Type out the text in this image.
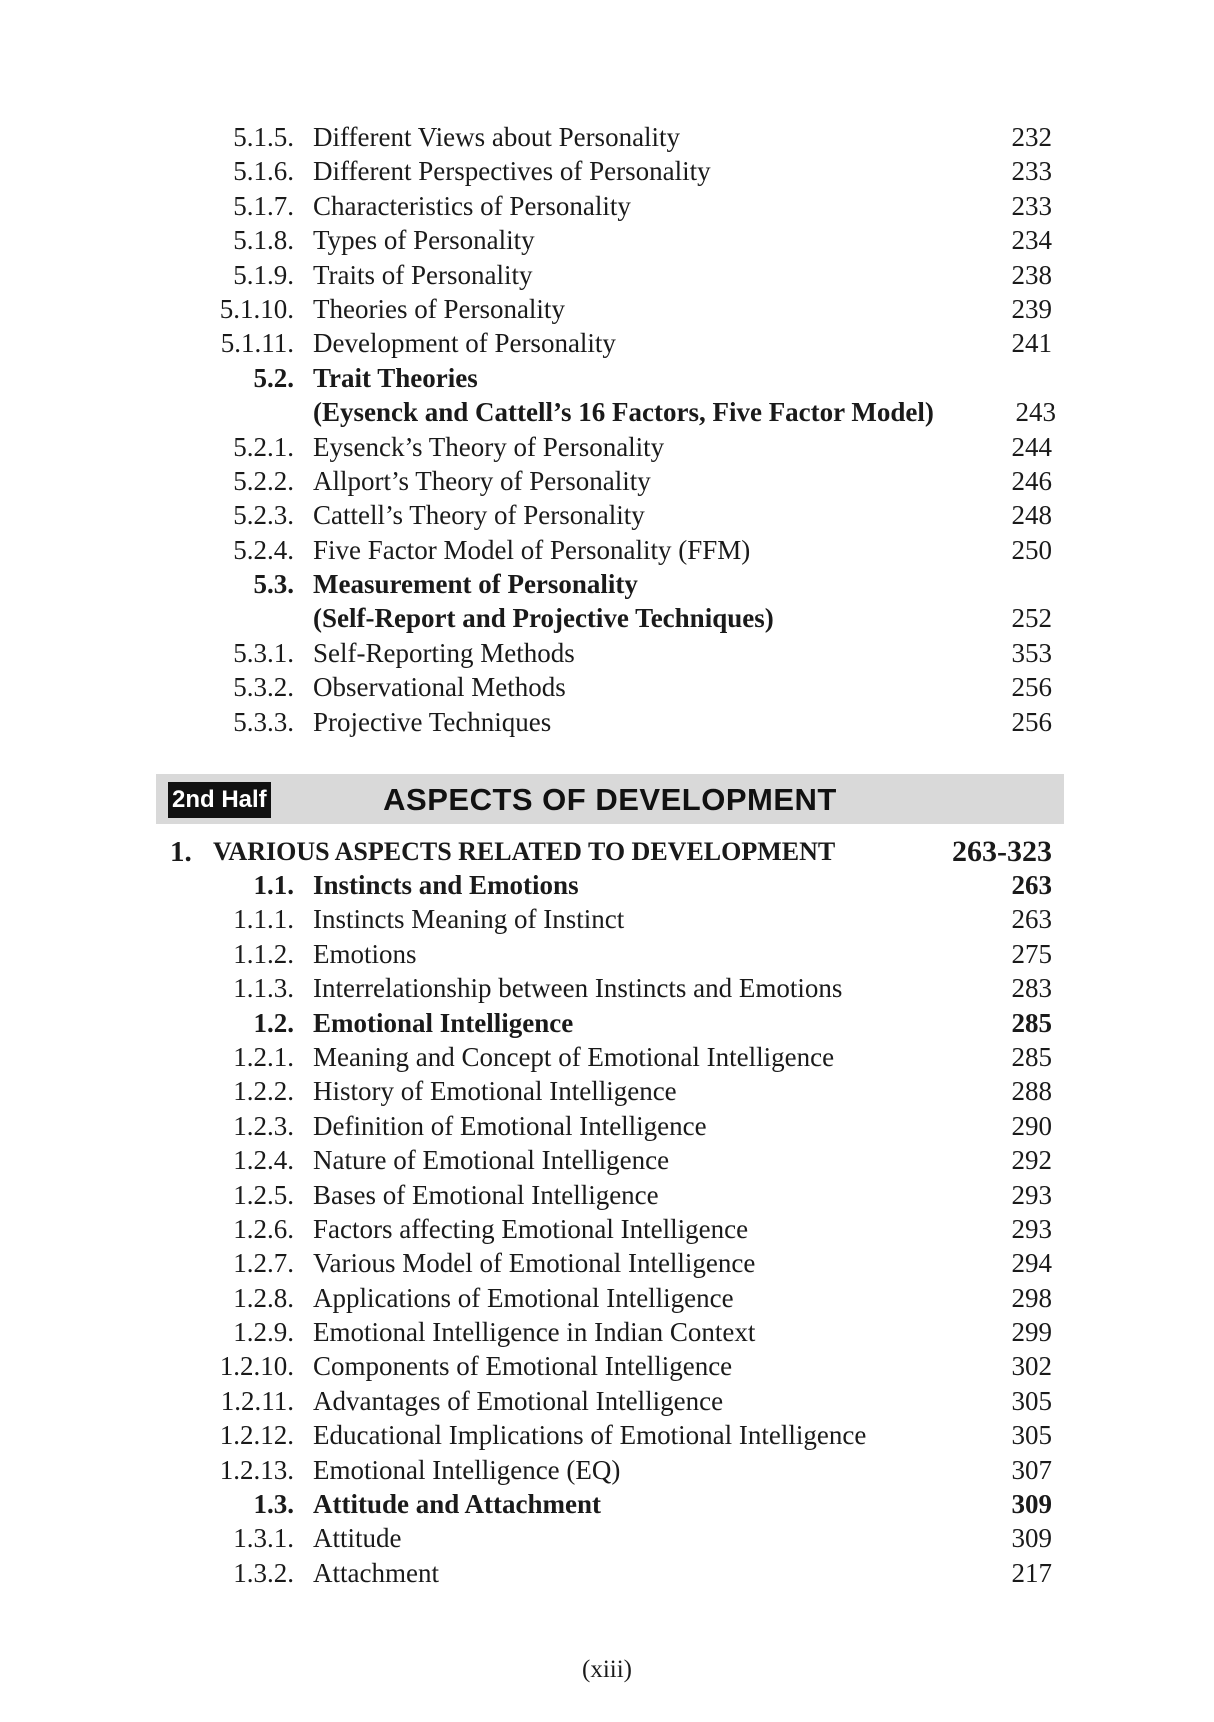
5.1.5. Different Views about Personality	232
5.1.6. Different Perspectives of Personality	233
5.1.7. Characteristics of Personality	233
5.1.8. Types of Personality	234
5.1.9. Traits of Personality	238
5.1.10. Theories of Personality	239
5.1.11. Development of Personality	241
5.2. Trait Theories
(Eysenck and Cattell’s 16 Factors, Five Factor Model)	243
5.2.1. Eysenck’s Theory of Personality	244
5.2.2. Allport’s Theory of Personality	246
5.2.3. Cattell’s Theory of Personality	248
5.2.4. Five Factor Model of Personality (FFM)	250
5.3. Measurement of Personality
(Self-Report and Projective Techniques)	252
5.3.1. Self-Reporting Methods	353
5.3.2. Observational Methods	256
5.3.3. Projective Techniques	256
2nd Half	ASPECTS OF DEVELOPMENT
1. VARIOUS ASPECTS RELATED TO DEVELOPMENT	263-323
1.1. Instincts and Emotions	263
1.1.1. Instincts Meaning of Instinct	263
1.1.2. Emotions	275
1.1.3. Interrelationship between Instincts and Emotions	283
1.2. Emotional Intelligence	285
1.2.1. Meaning and Concept of Emotional Intelligence	285
1.2.2. History of Emotional Intelligence	288
1.2.3. Definition of Emotional Intelligence	290
1.2.4. Nature of Emotional Intelligence	292
1.2.5. Bases of Emotional Intelligence	293
1.2.6. Factors affecting Emotional Intelligence	293
1.2.7. Various Model of Emotional Intelligence	294
1.2.8. Applications of Emotional Intelligence	298
1.2.9. Emotional Intelligence in Indian Context	299
1.2.10. Components of Emotional Intelligence	302
1.2.11. Advantages of Emotional Intelligence	305
1.2.12. Educational Implications of Emotional Intelligence	305
1.2.13. Emotional Intelligence (EQ)	307
1.3. Attitude and Attachment	309
1.3.1. Attitude	309
1.3.2. Attachment	217
(xiii)
